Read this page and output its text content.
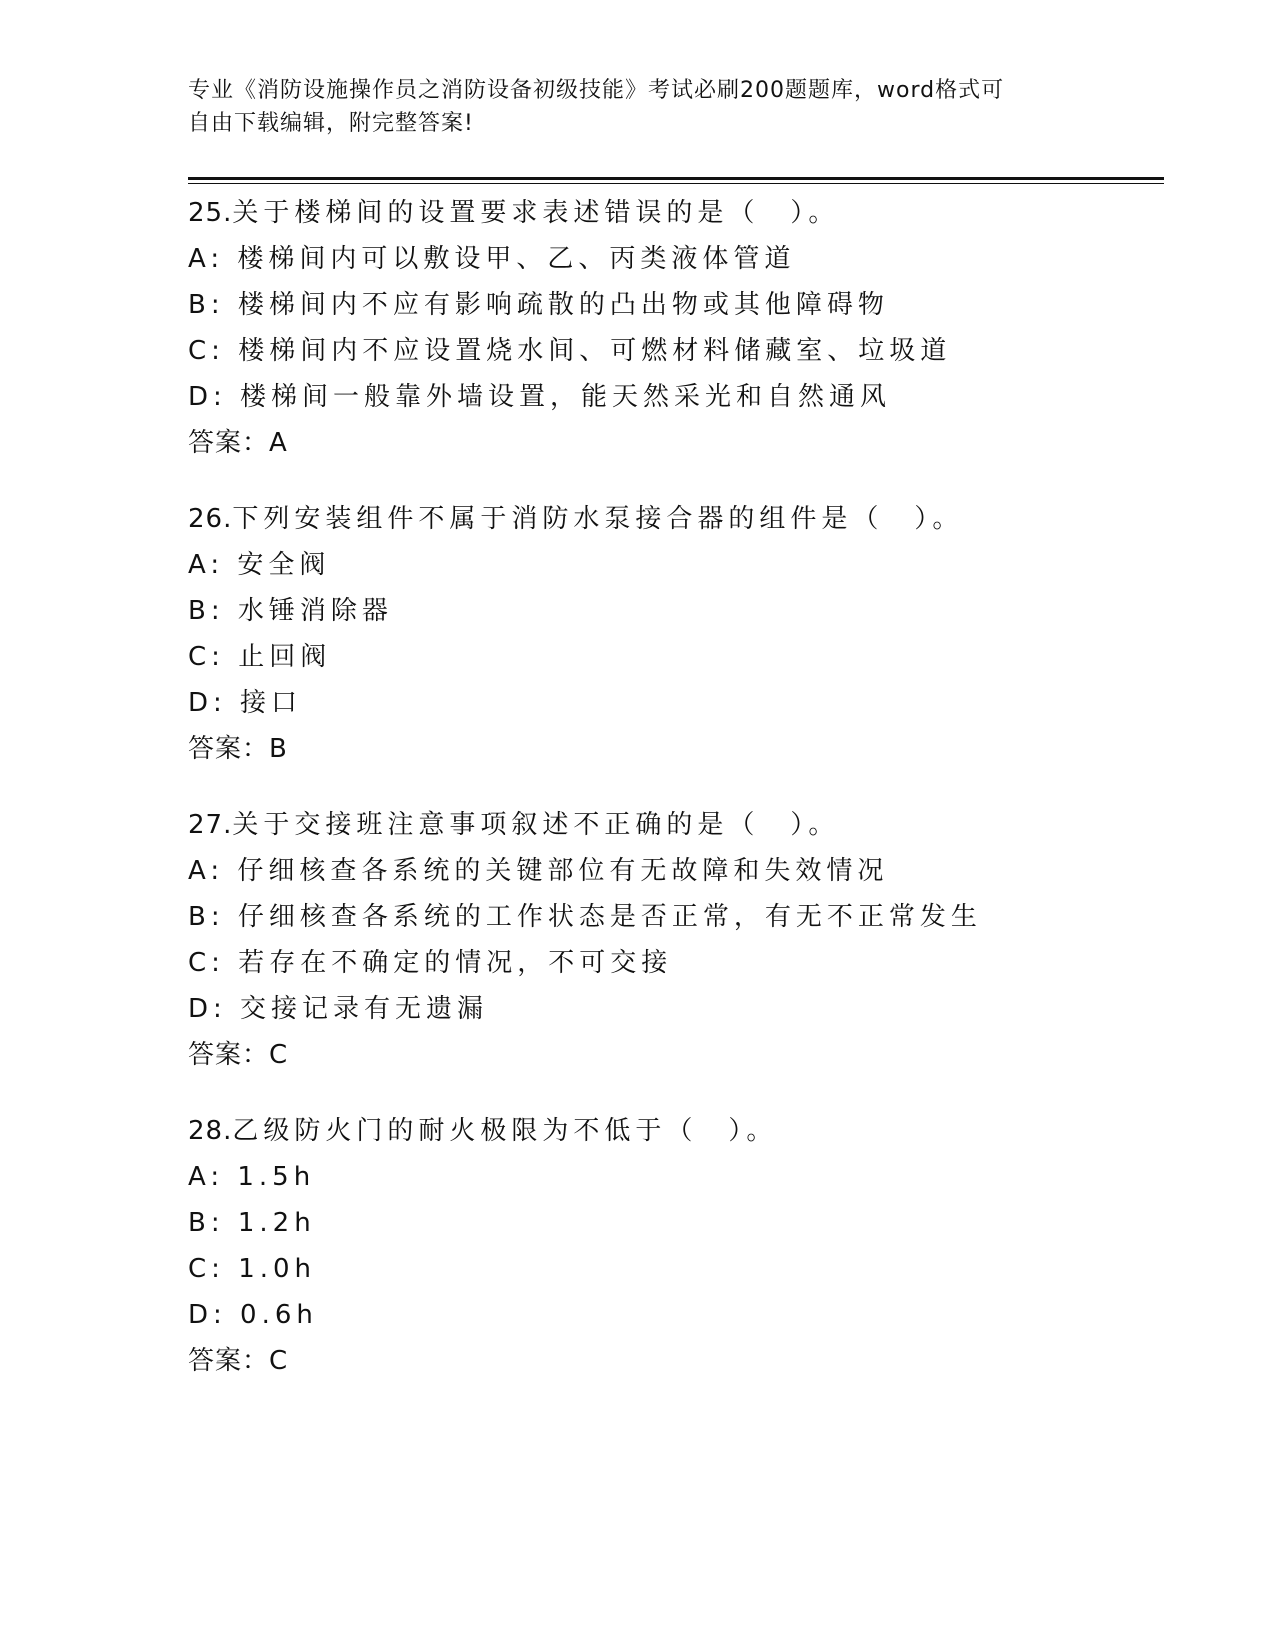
专业《消防设施操作员之消防设备初级技能》考试必刷200题题库，word格式可
自由下载编辑，附完整答案!
25.关于楼梯间的设置要求表述错误的是（　）。
A: 楼梯间内可以敷设甲、乙、丙类液体管道
B: 楼梯间内不应有影响疏散的凸出物或其他障碍物
C: 楼梯间内不应设置烧水间、可燃材料储藏室、垃圾道
D: 楼梯间一般靠外墙设置，能天然采光和自然通风
答案：A
26.下列安装组件不属于消防水泵接合器的组件是（　）。
A: 安全阀
B: 水锤消除器
C: 止回阀
D: 接口
答案：B
27.关于交接班注意事项叙述不正确的是（　）。
A: 仔细核查各系统的关键部位有无故障和失效情况
B: 仔细核查各系统的工作状态是否正常，有无不正常发生
C: 若存在不确定的情况，不可交接
D: 交接记录有无遗漏
答案：C
28.乙级防火门的耐火极限为不低于（　）。
A: 1.5h
B: 1.2h
C: 1.0h
D: 0.6h
答案：C
